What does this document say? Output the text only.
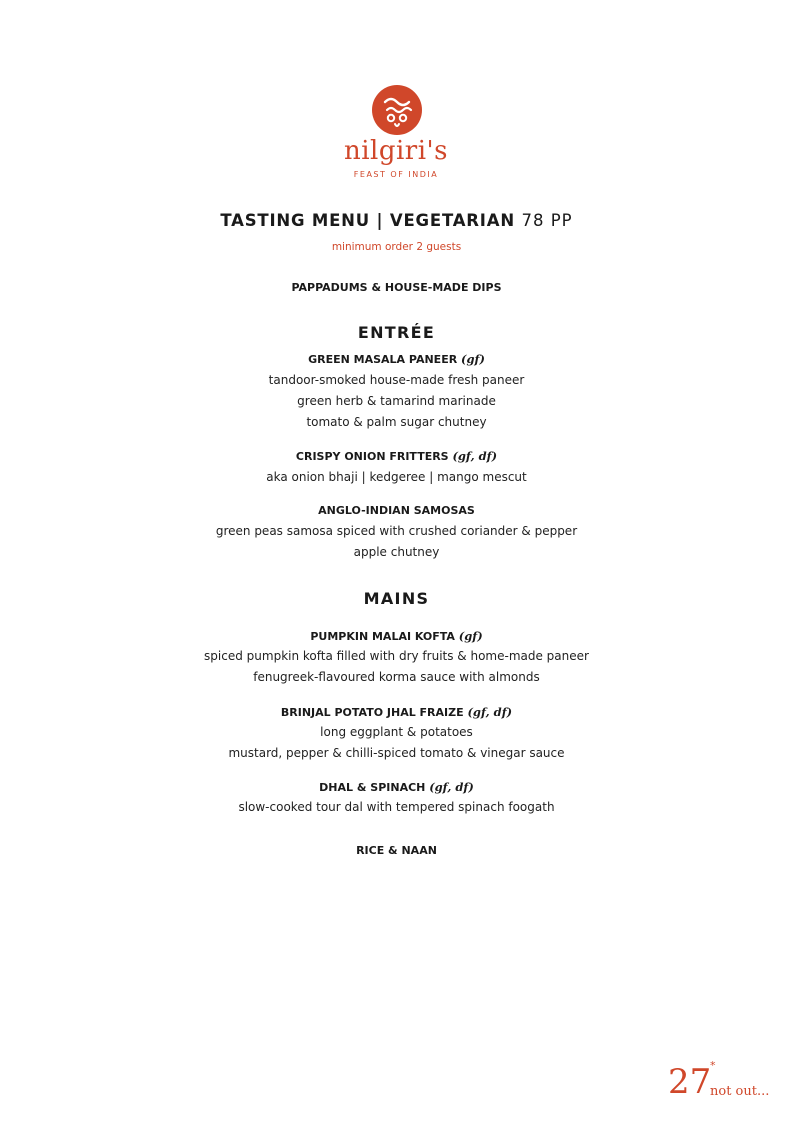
nilgiri's
FEAST OF INDIA
TASTING MENU | VEGETARIAN 78 PP
minimum order 2 guests
PAPPADUMS & HOUSE-MADE DIPS
ENTRÉE
GREEN MASALA PANEER (gf)
tandoor-smoked house-made fresh paneer
green herb & tamarind marinade
tomato & palm sugar chutney
CRISPY ONION FRITTERS (gf, df)
aka onion bhaji | kedgeree | mango mescut
ANGLO-INDIAN SAMOSAS
green peas samosa spiced with crushed coriander & pepper
apple chutney
MAINS
PUMPKIN MALAI KOFTA (gf)
spiced pumpkin kofta filled with dry fruits & home-made paneer
fenugreek-flavoured korma sauce with almonds
BRINJAL POTATO JHAL FRAIZE (gf, df)
long eggplant & potatoes
mustard, pepper & chilli-spiced tomato & vinegar sauce
DHAL & SPINACH (gf, df)
slow-cooked tour dal with tempered spinach foogath
RICE & NAAN
27
*
not out...
